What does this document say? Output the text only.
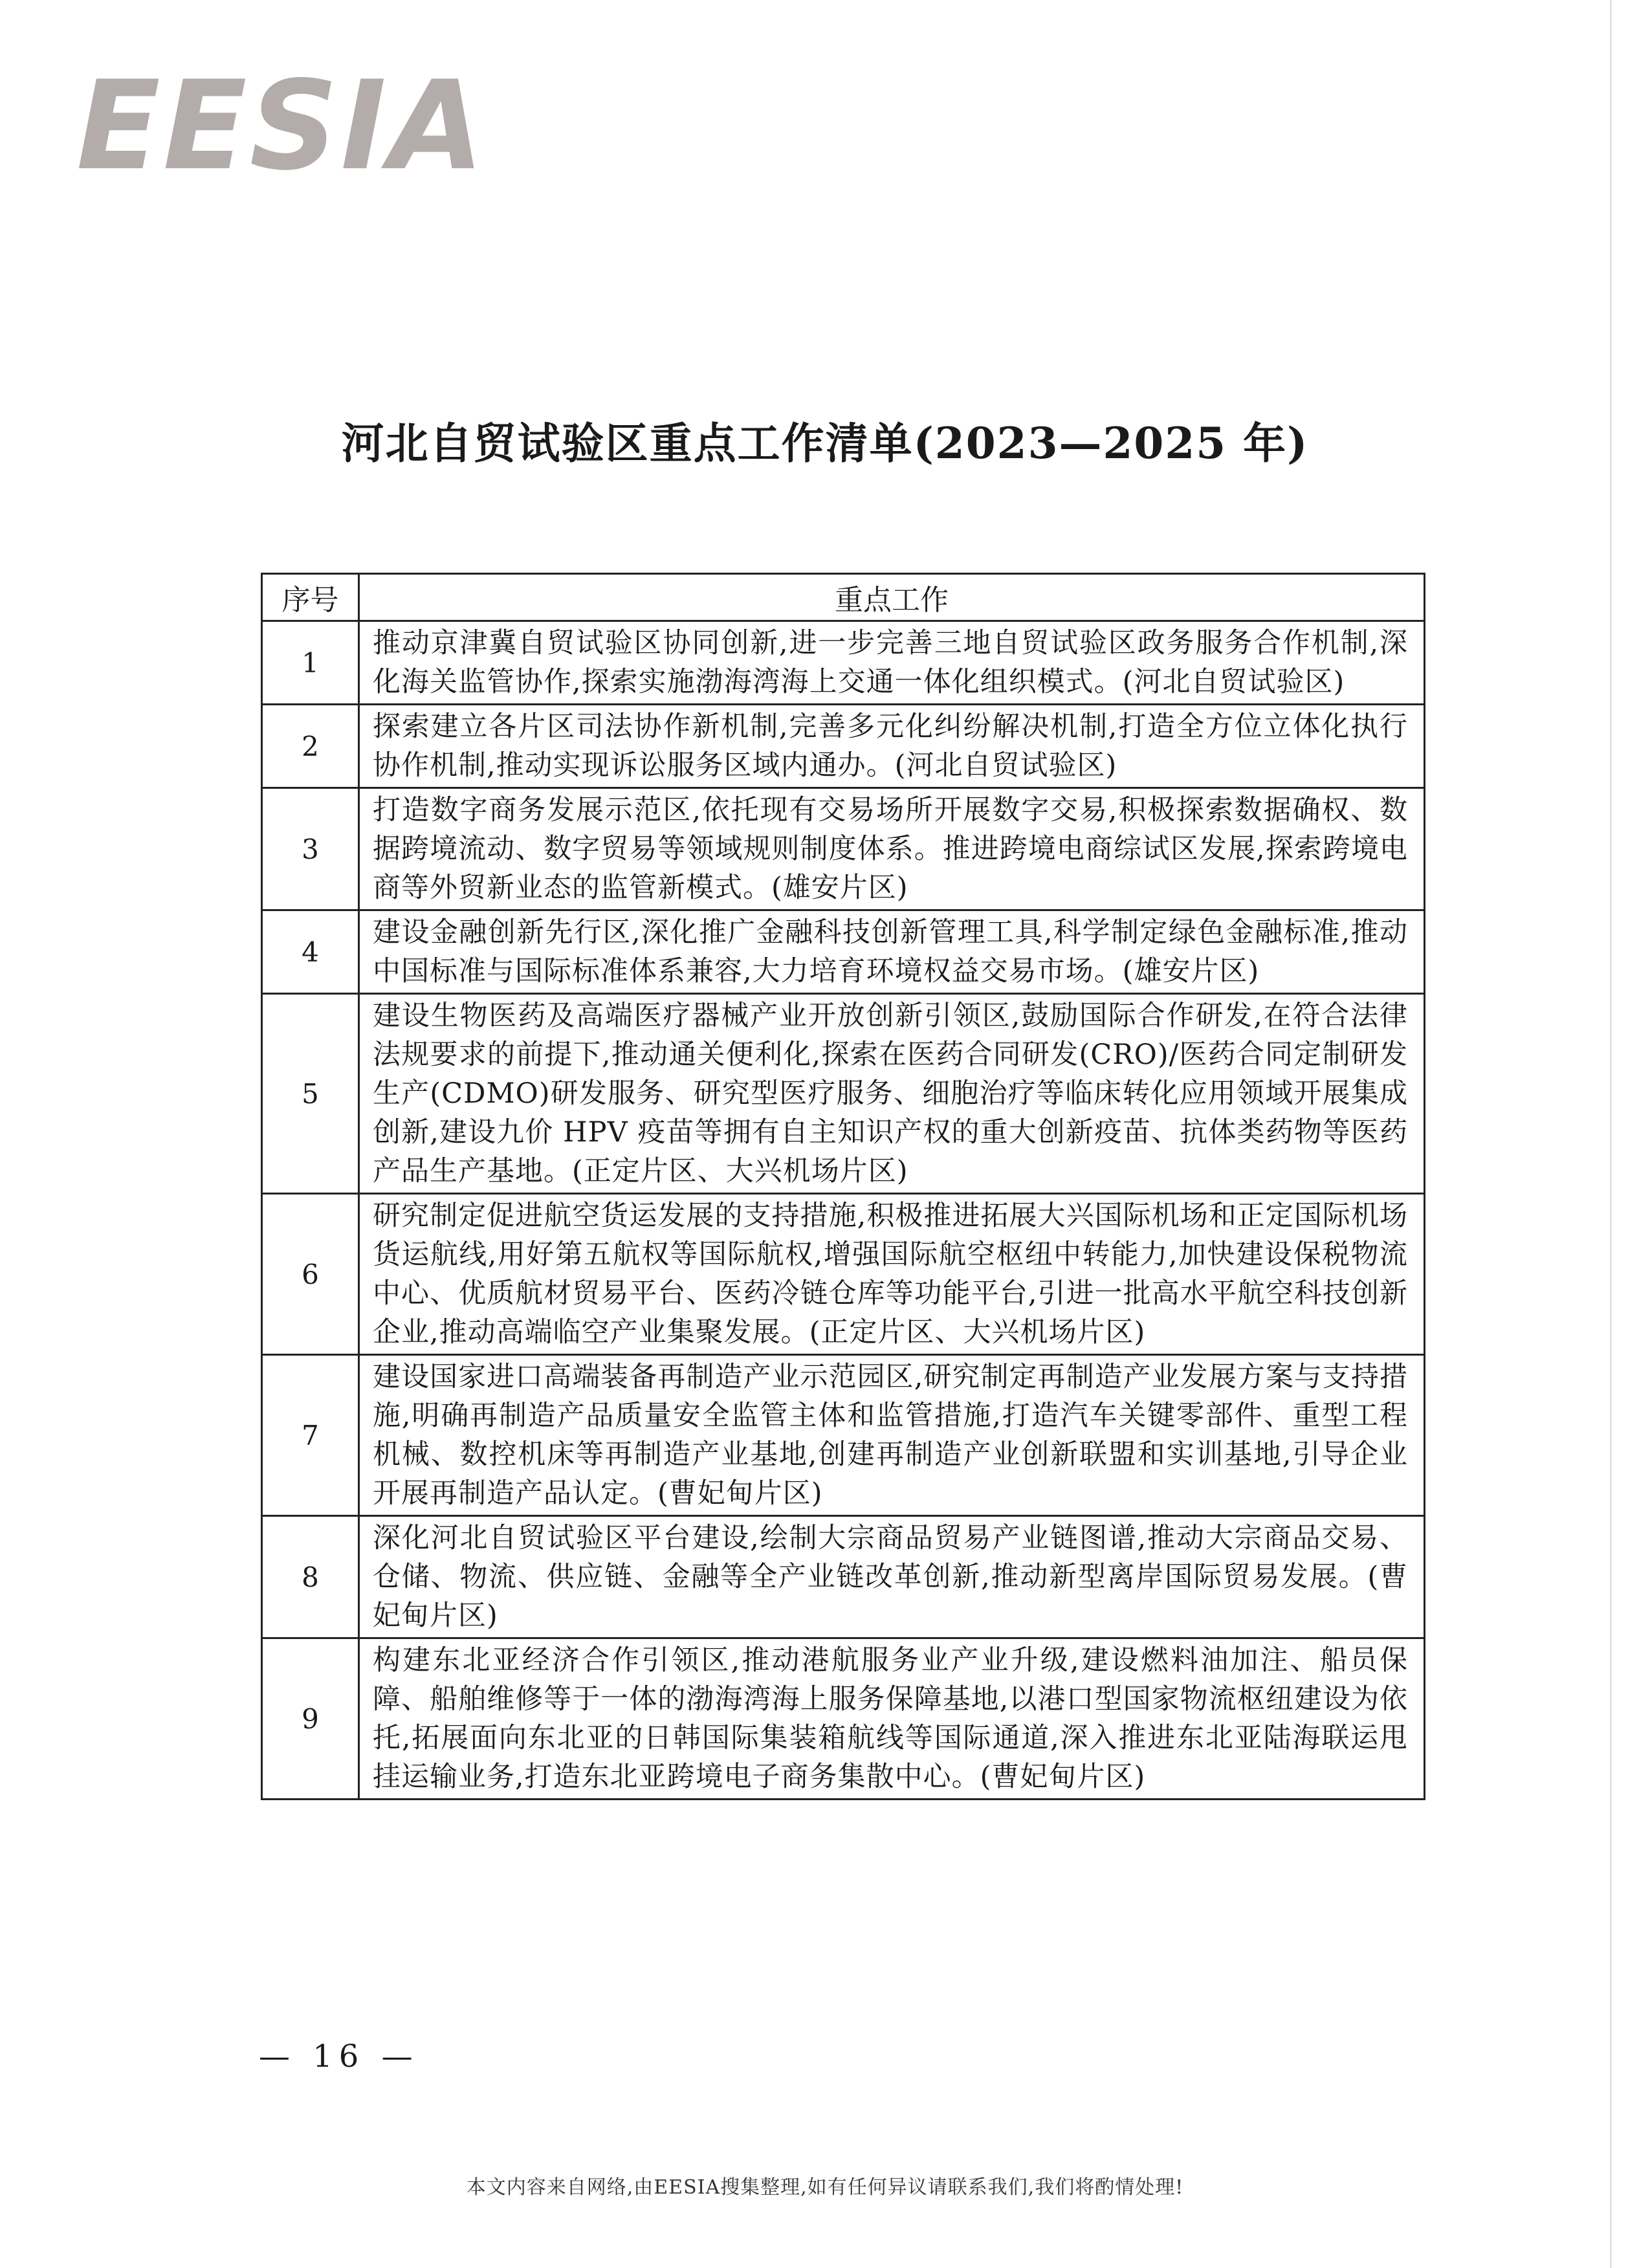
EESIA
河北自贸试验区重点工作清单(2023—2025 年)
序号	重点工作
1	推动京津冀自贸试验区协同创新,进一步完善三地自贸试验区政务服务合作机制,深化海关监管协作,探索实施渤海湾海上交通一体化组织模式。(河北自贸试验区)
2	探索建立各片区司法协作新机制,完善多元化纠纷解决机制,打造全方位立体化执行协作机制,推动实现诉讼服务区域内通办。(河北自贸试验区)
3	打造数字商务发展示范区,依托现有交易场所开展数字交易,积极探索数据确权、数据跨境流动、数字贸易等领域规则制度体系。推进跨境电商综试区发展,探索跨境电商等外贸新业态的监管新模式。(雄安片区)
4	建设金融创新先行区,深化推广金融科技创新管理工具,科学制定绿色金融标准,推动中国标准与国际标准体系兼容,大力培育环境权益交易市场。(雄安片区)
5	建设生物医药及高端医疗器械产业开放创新引领区,鼓励国际合作研发,在符合法律法规要求的前提下,推动通关便利化,探索在医药合同研发(CRO)/医药合同定制研发生产(CDMO)研发服务、研究型医疗服务、细胞治疗等临床转化应用领域开展集成创新,建设九价 HPV 疫苗等拥有自主知识产权的重大创新疫苗、抗体类药物等医药产品生产基地。(正定片区、大兴机场片区)
6	研究制定促进航空货运发展的支持措施,积极推进拓展大兴国际机场和正定国际机场货运航线,用好第五航权等国际航权,增强国际航空枢纽中转能力,加快建设保税物流中心、优质航材贸易平台、医药冷链仓库等功能平台,引进一批高水平航空科技创新企业,推动高端临空产业集聚发展。(正定片区、大兴机场片区)
7	建设国家进口高端装备再制造产业示范园区,研究制定再制造产业发展方案与支持措施,明确再制造产品质量安全监管主体和监管措施,打造汽车关键零部件、重型工程机械、数控机床等再制造产业基地,创建再制造产业创新联盟和实训基地,引导企业开展再制造产品认定。(曹妃甸片区)
8	深化河北自贸试验区平台建设,绘制大宗商品贸易产业链图谱,推动大宗商品交易、仓储、物流、供应链、金融等全产业链改革创新,推动新型离岸国际贸易发展。(曹妃甸片区)
9	构建东北亚经济合作引领区,推动港航服务业产业升级,建设燃料油加注、船员保障、船舶维修等于一体的渤海湾海上服务保障基地,以港口型国家物流枢纽建设为依托,拓展面向东北亚的日韩国际集装箱航线等国际通道,深入推进东北亚陆海联运甩挂运输业务,打造东北亚跨境电子商务集散中心。(曹妃甸片区)
— 16 —
本文内容来自网络,由EESIA搜集整理,如有任何异议请联系我们,我们将酌情处理!
